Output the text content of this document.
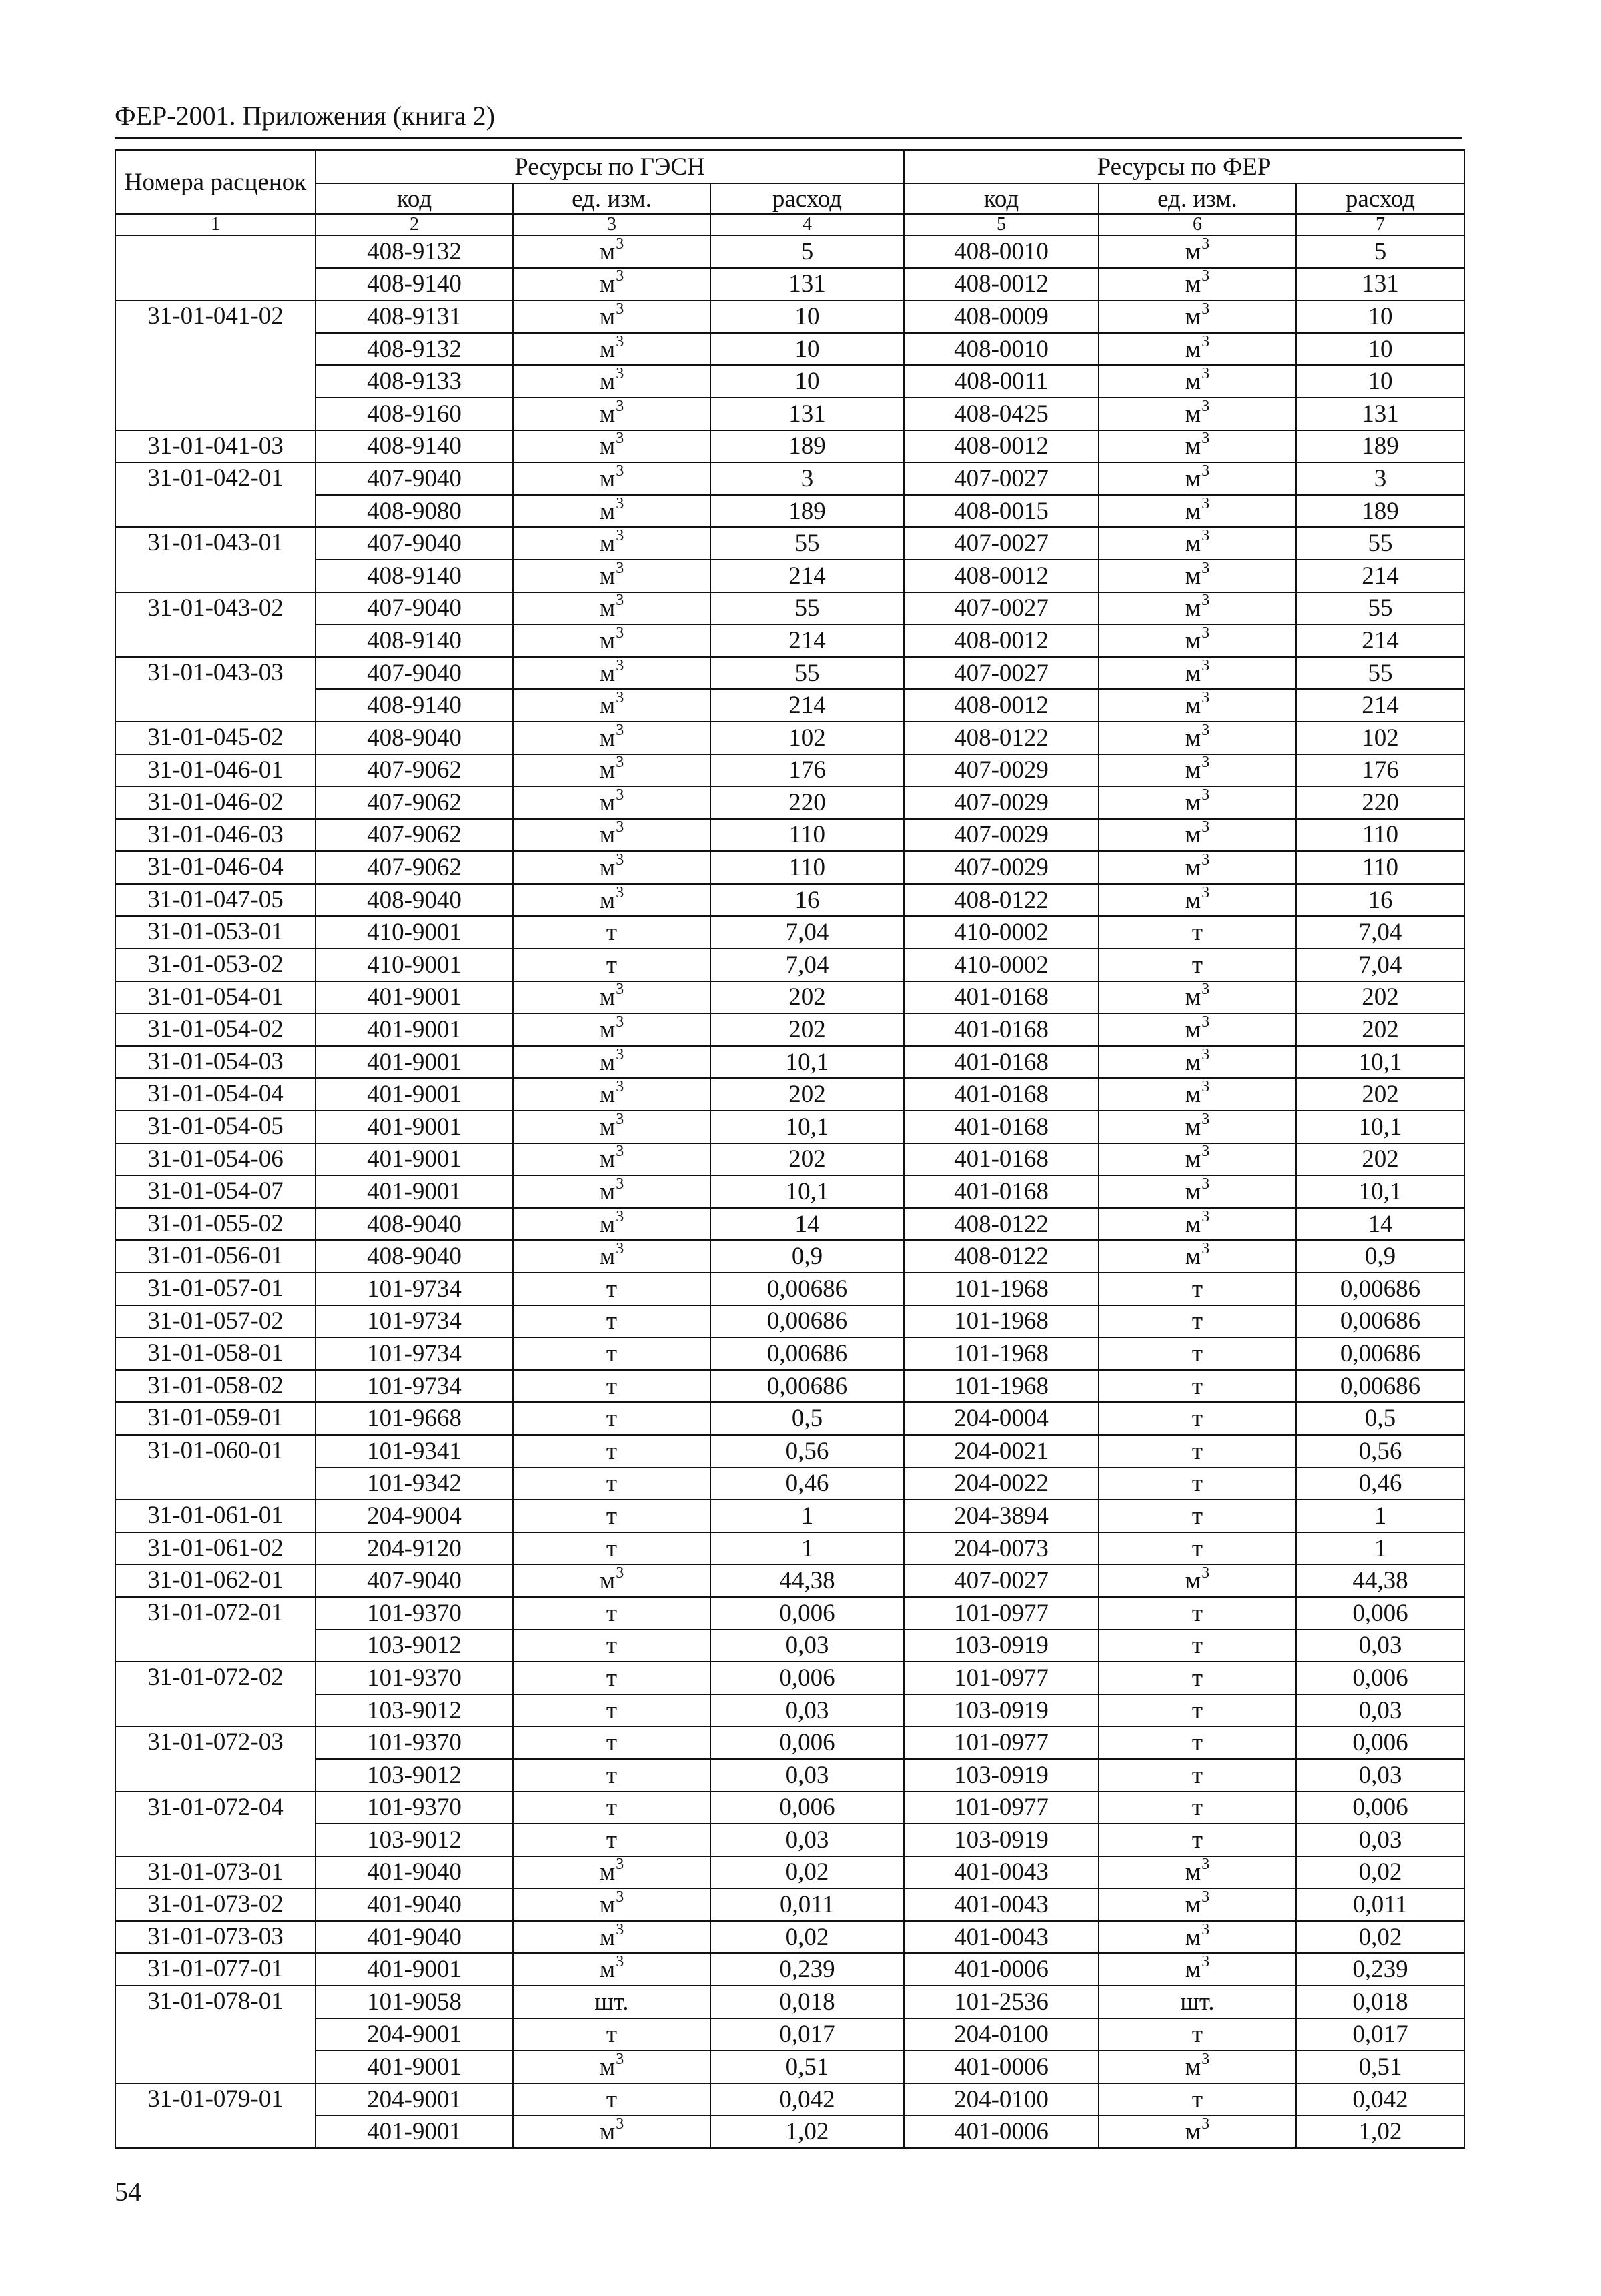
ФЕР-2001. Приложения (книга 2)
Номера расценок	Ресурсы по ГЭСН			Ресурсы по ФЕР		
	код	ед. изм.	расход	код	ед. изм.	расход
1	2	3	4	5	6	7
	408-9132	$м^3$	5	408-0010	$м^3$	5
	408-9140	$м^3$	131	408-0012	$м^3$	131
31-01-041-02	408-9131	$м^3$	10	408-0009	$м^3$	10
	408-9132	$м^3$	10	408-0010	$м^3$	10
	408-9133	$м^3$	10	408-0011	$м^3$	10
	408-9160	$м^3$	131	408-0425	$м^3$	131
31-01-041-03	408-9140	$м^3$	189	408-0012	$м^3$	189
31-01-042-01	407-9040	$м^3$	3	407-0027	$м^3$	3
	408-9080	$м^3$	189	408-0015	$м^3$	189
31-01-043-01	407-9040	$м^3$	55	407-0027	$м^3$	55
	408-9140	$м^3$	214	408-0012	$м^3$	214
31-01-043-02	407-9040	$м^3$	55	407-0027	$м^3$	55
	408-9140	$м^3$	214	408-0012	$м^3$	214
31-01-043-03	407-9040	$м^3$	55	407-0027	$м^3$	55
	408-9140	$м^3$	214	408-0012	$м^3$	214
31-01-045-02	408-9040	$м^3$	102	408-0122	$м^3$	102
31-01-046-01	407-9062	$м^3$	176	407-0029	$м^3$	176
31-01-046-02	407-9062	$м^3$	220	407-0029	$м^3$	220
31-01-046-03	407-9062	$м^3$	110	407-0029	$м^3$	110
31-01-046-04	407-9062	$м^3$	110	407-0029	$м^3$	110
31-01-047-05	408-9040	$м^3$	16	408-0122	$м^3$	16
31-01-053-01	410-9001	т	7,04	410-0002	т	7,04
31-01-053-02	410-9001	т	7,04	410-0002	т	7,04
31-01-054-01	401-9001	$м^3$	202	401-0168	$м^3$	202
31-01-054-02	401-9001	$м^3$	202	401-0168	$м^3$	202
31-01-054-03	401-9001	$м^3$	10,1	401-0168	$м^3$	10,1
31-01-054-04	401-9001	$м^3$	202	401-0168	$м^3$	202
31-01-054-05	401-9001	$м^3$	10,1	401-0168	$м^3$	10,1
31-01-054-06	401-9001	$м^3$	202	401-0168	$м^3$	202
31-01-054-07	401-9001	$м^3$	10,1	401-0168	$м^3$	10,1
31-01-055-02	408-9040	$м^3$	14	408-0122	$м^3$	14
31-01-056-01	408-9040	$м^3$	0,9	408-0122	$м^3$	0,9
31-01-057-01	101-9734	т	0,00686	101-1968	т	0,00686
31-01-057-02	101-9734	т	0,00686	101-1968	т	0,00686
31-01-058-01	101-9734	т	0,00686	101-1968	т	0,00686
31-01-058-02	101-9734	т	0,00686	101-1968	т	0,00686
31-01-059-01	101-9668	т	0,5	204-0004	т	0,5
31-01-060-01	101-9341	т	0,56	204-0021	т	0,56
	101-9342	т	0,46	204-0022	т	0,46
31-01-061-01	204-9004	т	1	204-3894	т	1
31-01-061-02	204-9120	т	1	204-0073	т	1
31-01-062-01	407-9040	$м^3$	44,38	407-0027	$м^3$	44,38
31-01-072-01	101-9370	т	0,006	101-0977	т	0,006
	103-9012	т	0,03	103-0919	т	0,03
31-01-072-02	101-9370	т	0,006	101-0977	т	0,006
	103-9012	т	0,03	103-0919	т	0,03
31-01-072-03	101-9370	т	0,006	101-0977	т	0,006
	103-9012	т	0,03	103-0919	т	0,03
31-01-072-04	101-9370	т	0,006	101-0977	т	0,006
	103-9012	т	0,03	103-0919	т	0,03
31-01-073-01	401-9040	$м^3$	0,02	401-0043	$м^3$	0,02
31-01-073-02	401-9040	$м^3$	0,011	401-0043	$м^3$	0,011
31-01-073-03	401-9040	$м^3$	0,02	401-0043	$м^3$	0,02
31-01-077-01	401-9001	$м^3$	0,239	401-0006	$м^3$	0,239
31-01-078-01	101-9058	шт.	0,018	101-2536	шт.	0,018
	204-9001	т	0,017	204-0100	т	0,017
	401-9001	$м^3$	0,51	401-0006	$м^3$	0,51
31-01-079-01	204-9001	т	0,042	204-0100	т	0,042
	401-9001	$м^3$	1,02	401-0006	$м^3$	1,02
54
